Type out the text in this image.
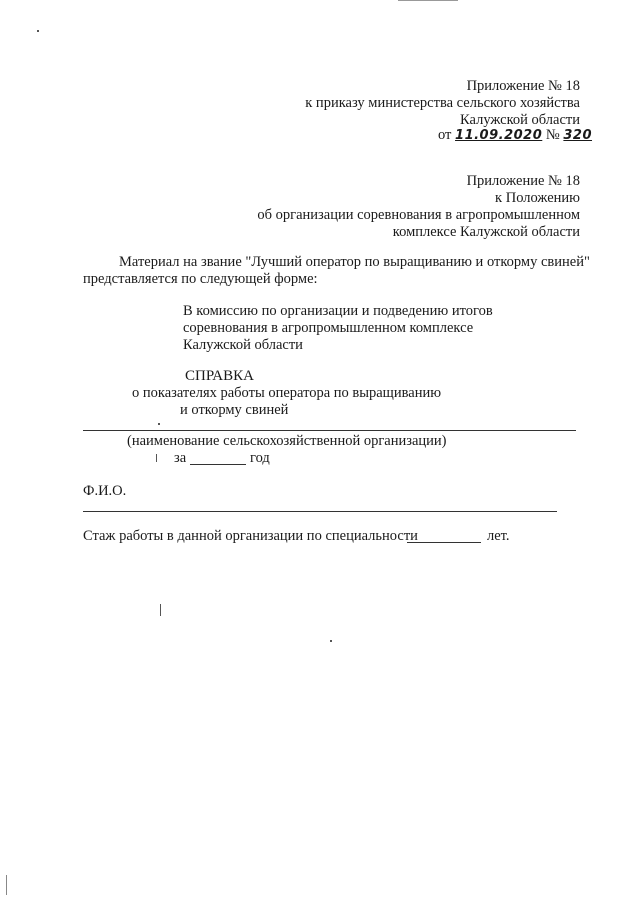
Приложение № 18
к приказу министерства сельского хозяйства
Калужской области
от 11.09.2020 № 320
Приложение № 18
к Положению
об организации соревнования в агропромышленном
комплексе Калужской области
Материал на звание "Лучший оператор по выращиванию и откорму свиней"
представляется по следующей форме:
В комиссию по организации и подведению итогов
соревнования в агропромышленном комплексе
Калужской области
СПРАВКА
о показателях работы оператора по выращиванию
и откорму свиней
(наименование сельскохозяйственной организации)
за	год
Ф.И.О.
Стаж работы в данной организации по специальности	лет.
